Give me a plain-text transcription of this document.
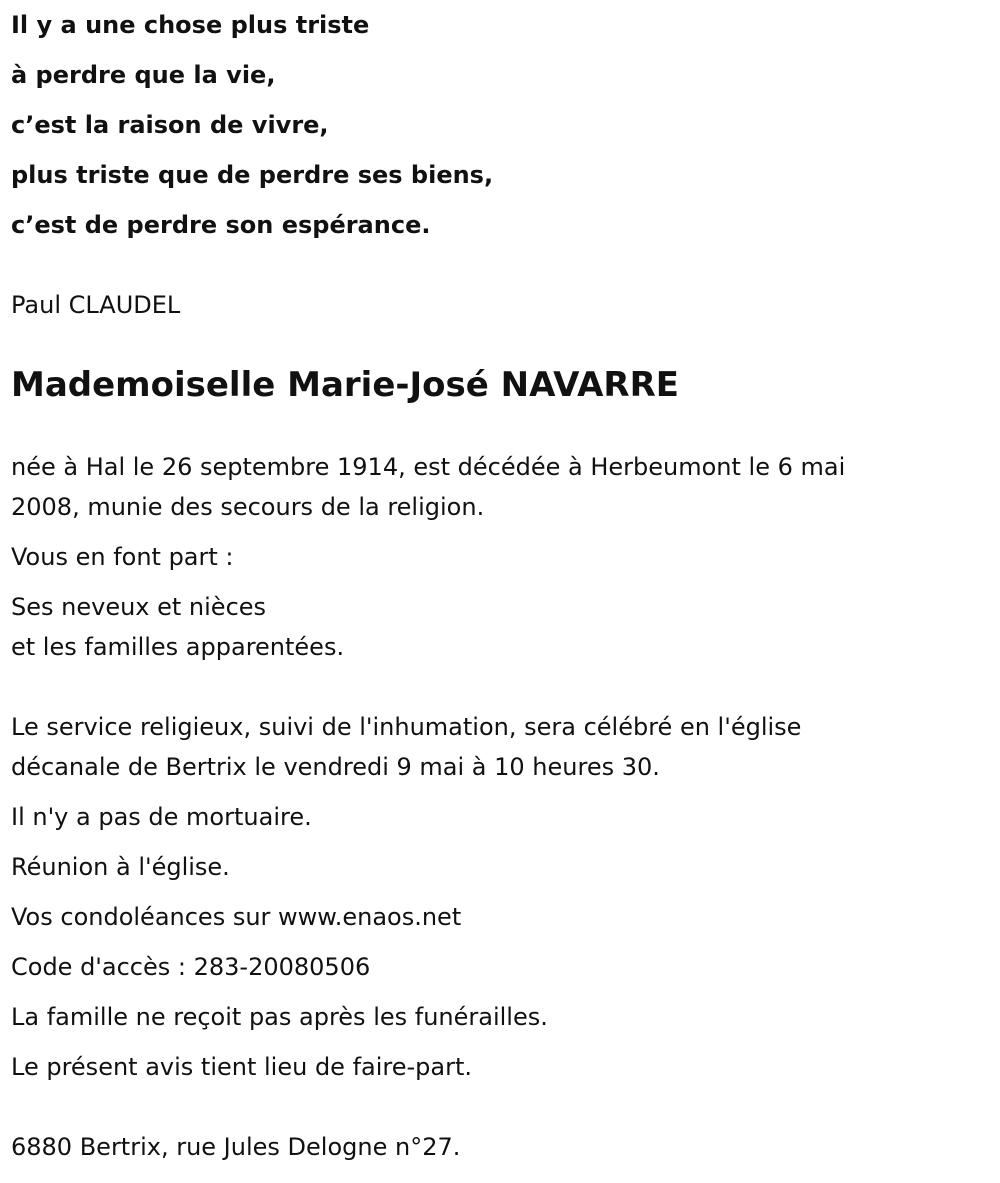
Il y a une chose plus triste
à perdre que la vie,
c’est la raison de vivre,
plus triste que de perdre ses biens,
c’est de perdre son espérance.
Paul CLAUDEL
Mademoiselle Marie-José NAVARRE
née à Hal le 26 septembre 1914, est décédée à Herbeumont le 6 mai
2008, munie des secours de la religion.
Vous en font part :
Ses neveux et nièces
et les familles apparentées.
Le service religieux, suivi de l'inhumation, sera célébré en l'église
décanale de Bertrix le vendredi 9 mai à 10 heures 30.
Il n'y a pas de mortuaire.
Réunion à l'église.
Vos condoléances sur www.enaos.net
Code d'accès : 283-20080506
La famille ne reçoit pas après les funérailles.
Le présent avis tient lieu de faire-part.
6880 Bertrix, rue Jules Delogne n°27.
